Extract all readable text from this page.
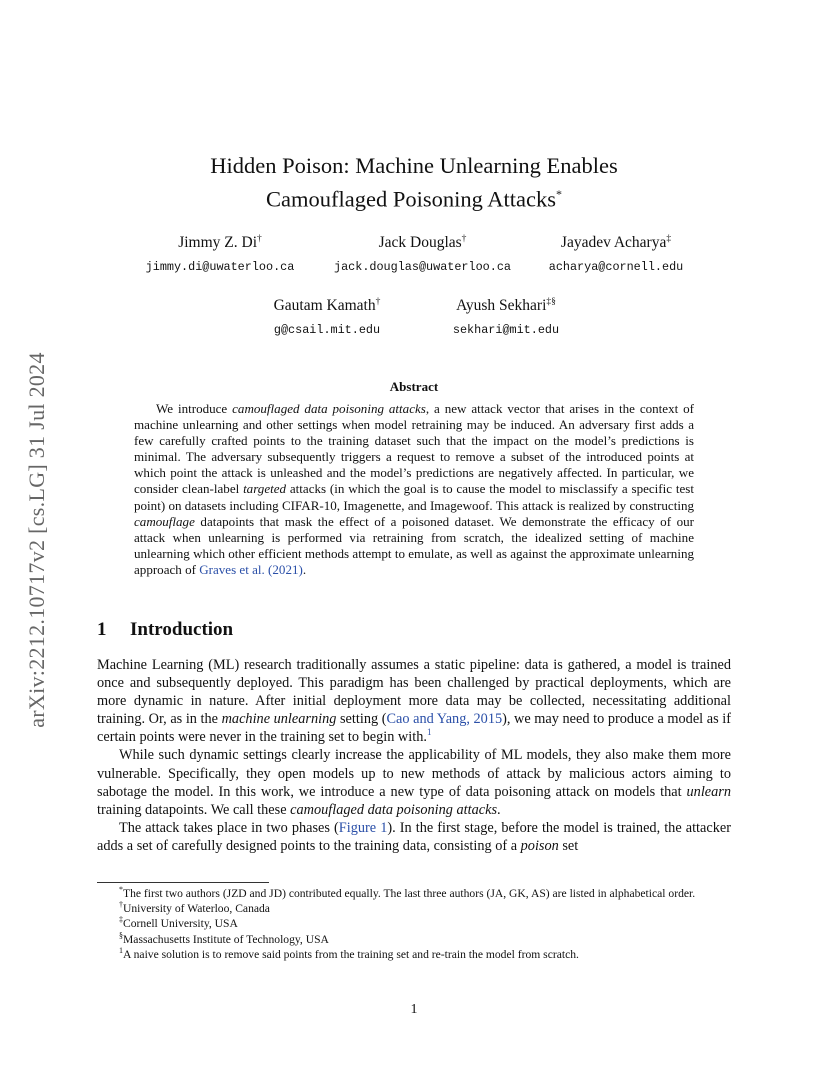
arXiv:2212.10717v2 [cs.LG] 31 Jul 2024
Hidden Poison: Machine Unlearning Enables
Camouflaged Poisoning Attacks*
Jimmy Z. Di†
jimmy.di@uwaterloo.ca
Jack Douglas†
jack.douglas@uwaterloo.ca
Jayadev Acharya‡
acharya@cornell.edu
Gautam Kamath†
g@csail.mit.edu
Ayush Sekhari‡§
sekhari@mit.edu
Abstract
We introduce camouflaged data poisoning attacks, a new attack vector that arises in the context of machine unlearning and other settings when model retraining may be induced. An adversary first adds a few carefully crafted points to the training dataset such that the impact on the model’s predictions is minimal. The adversary subsequently triggers a request to remove a subset of the introduced points at which point the attack is unleashed and the model’s predictions are negatively affected. In particular, we consider clean-label targeted attacks (in which the goal is to cause the model to misclassify a specific test point) on datasets including CIFAR-10, Imagenette, and Imagewoof. This attack is realized by constructing camouflage datapoints that mask the effect of a poisoned dataset. We demonstrate the efficacy of our attack when unlearning is performed via retraining from scratch, the idealized setting of machine unlearning which other efficient methods attempt to emulate, as well as against the approximate unlearning approach of Graves et al. (2021).
1 Introduction

Machine Learning (ML) research traditionally assumes a static pipeline: data is gathered, a model is trained once and subsequently deployed. This paradigm has been challenged by practical deployments, which are more dynamic in nature. After initial deployment more data may be collected, necessitating additional training. Or, as in the machine unlearning setting (Cao and Yang, 2015), we may need to produce a model as if certain points were never in the training set to begin with.$^1$

While such dynamic settings clearly increase the applicability of ML models, they also make them more vulnerable. Specifically, they open models up to new methods of attack by malicious actors aiming to sabotage the model. In this work, we introduce a new type of data poisoning attack on models that unlearn training datapoints. We call these camouflaged data poisoning attacks.

The attack takes place in two phases (Figure 1). In the first stage, before the model is trained, the attacker adds a set of carefully designed points to the training data, consisting of a poison set

*The first two authors (JZD and JD) contributed equally. The last three authors (JA, GK, AS) are listed in alphabetical order.

†University of Waterloo, Canada

‡Cornell University, USA

§Massachusetts Institute of Technology, USA

$^1$A naive solution is to remove said points from the training set and re-train the model from scratch.

1
